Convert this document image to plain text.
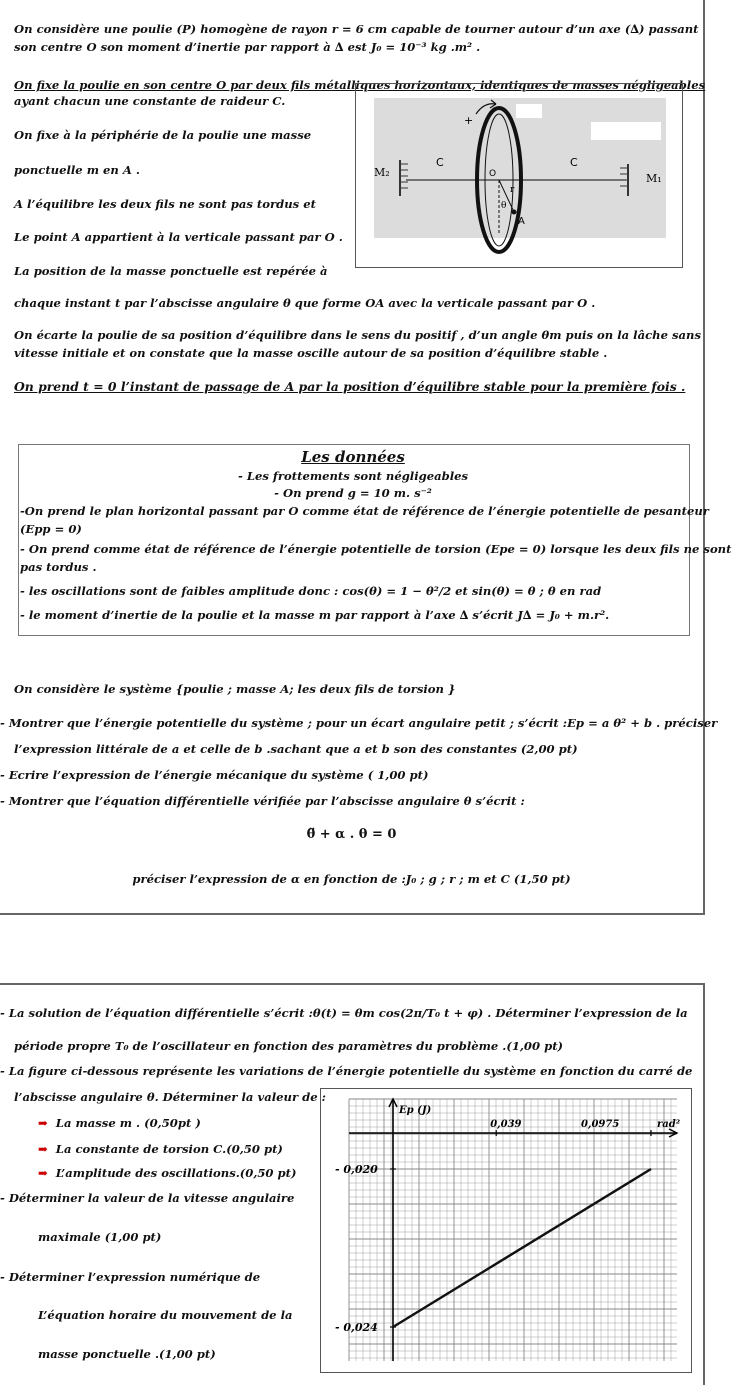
On considère une poulie (P) homogène de rayon r = 6 cm capable de tourner autour d’un axe (∆) passant
son centre O son moment d’inertie par rapport à ∆ est J₀ = 10⁻³ kg .m² .
On fixe la poulie en son centre O par deux fils métalliques horizontaux, identiques de masses négligeables
ayant chacun une constante de raideur C.
On fixe à la périphérie de la poulie une masse
ponctuelle m en A .
A l’équilibre les deux fils ne sont pas tordus et
Le point A appartient à la verticale passant par O .
La position de la masse ponctuelle est repérée à
chaque instant t par l’abscisse angulaire θ que forme OA avec la verticale passant par O .
On écarte la poulie de sa position d’équilibre dans le sens du positif , d’un angle θm puis on la lâche sans
vitesse initiale et on constate que la masse oscille autour de sa position d’équilibre stable .
On prend t = 0 l’instant de passage de A par la position d’équilibre stable pour la première fois .
M₂	M₁
C	C
O
r
θ
A
+
Les données
- Les frottements sont négligeables
- On prend g = 10 m. s⁻²
-On prend le plan horizontal passant par O comme état de référence de l’énergie potentielle de pesanteur
(Epp = 0)
- On prend comme état de référence de l’énergie potentielle de torsion (Epe = 0) lorsque les deux fils ne sont
pas tordus .
- les oscillations sont de faibles amplitude donc : cos(θ) = 1 − θ²/2 et sin(θ) = θ ; θ en rad
- le moment d’inertie de la poulie et la masse m par rapport à l’axe ∆ s’écrit J∆ = J₀ + m.r².
On considère le système {poulie ; masse A; les deux fils de torsion }
- Montrer que l’énergie potentielle du système ; pour un écart angulaire petit ; s’écrit :Ep = a θ² + b . préciser
l’expression littérale de a et celle de b .sachant que a et b son des constantes (2,00 pt)
- Ecrire l’expression de l’énergie mécanique du système ( 1,00 pt)
- Montrer que l’équation différentielle vérifiée par l’abscisse angulaire θ s’écrit :
θ̈ + α . θ = 0
préciser l’expression de α en fonction de :J₀ ; g ; r ; m et C (1,50 pt)
- La solution de l’équation différentielle s’écrit :θ(t) = θm cos(2π/T₀ t + φ) . Déterminer l’expression de la
période propre T₀ de l’oscillateur en fonction des paramètres du problème .(1,00 pt)
- La figure ci-dessous représente les variations de l’énergie potentielle du système en fonction du carré de
l’abscisse angulaire θ. Déterminer la valeur de :
➡ La masse m . (0,50pt )
➡ La constante de torsion C.(0,50 pt)
➡ L’amplitude des oscillations.(0,50 pt)
- Déterminer la valeur de la vitesse angulaire
maximale (1,00 pt)
- Déterminer l’expression numérique de
L’équation horaire du mouvement de la
masse ponctuelle .(1,00 pt)
Ep (J)
0,039	0,0975	rad²
- 0,020
- 0,024
